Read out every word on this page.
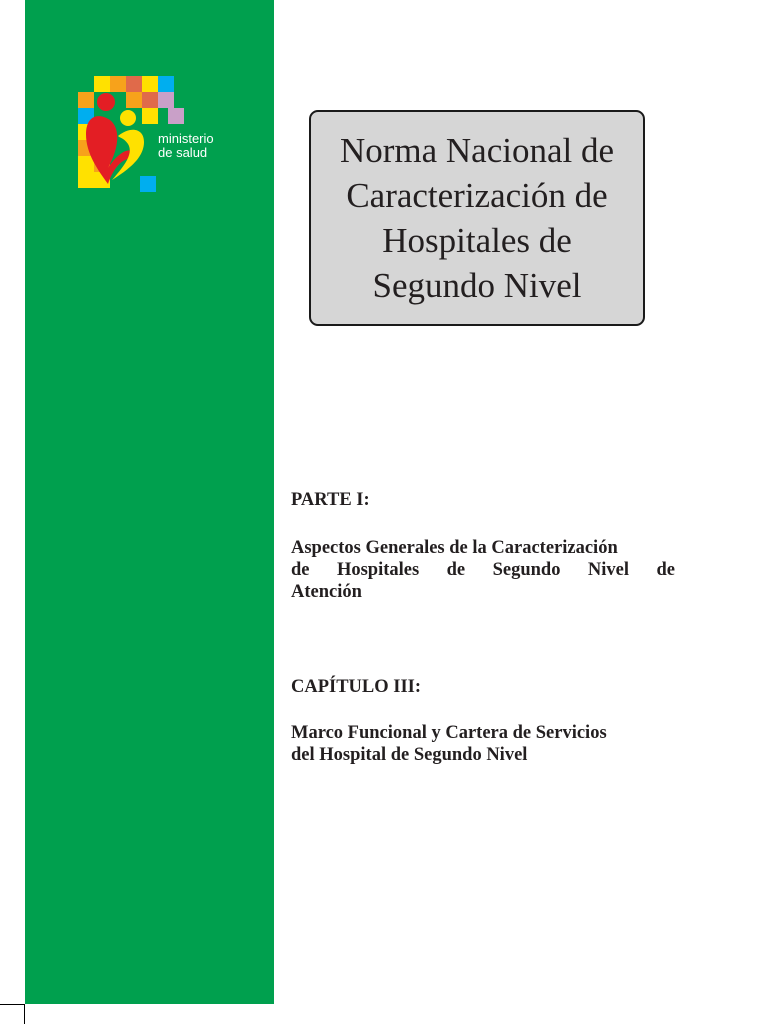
ministerio
de salud	Norma Nacional de
Caracterización de
Hospitales de
Segundo Nivel
PARTE I:
Aspectos Generales de la Caracterización
de Hospitales de Segundo Nivel de
Atención
CAPÍTULO III:
Marco Funcional y Cartera de Servicios
del Hospital de Segundo Nivel
